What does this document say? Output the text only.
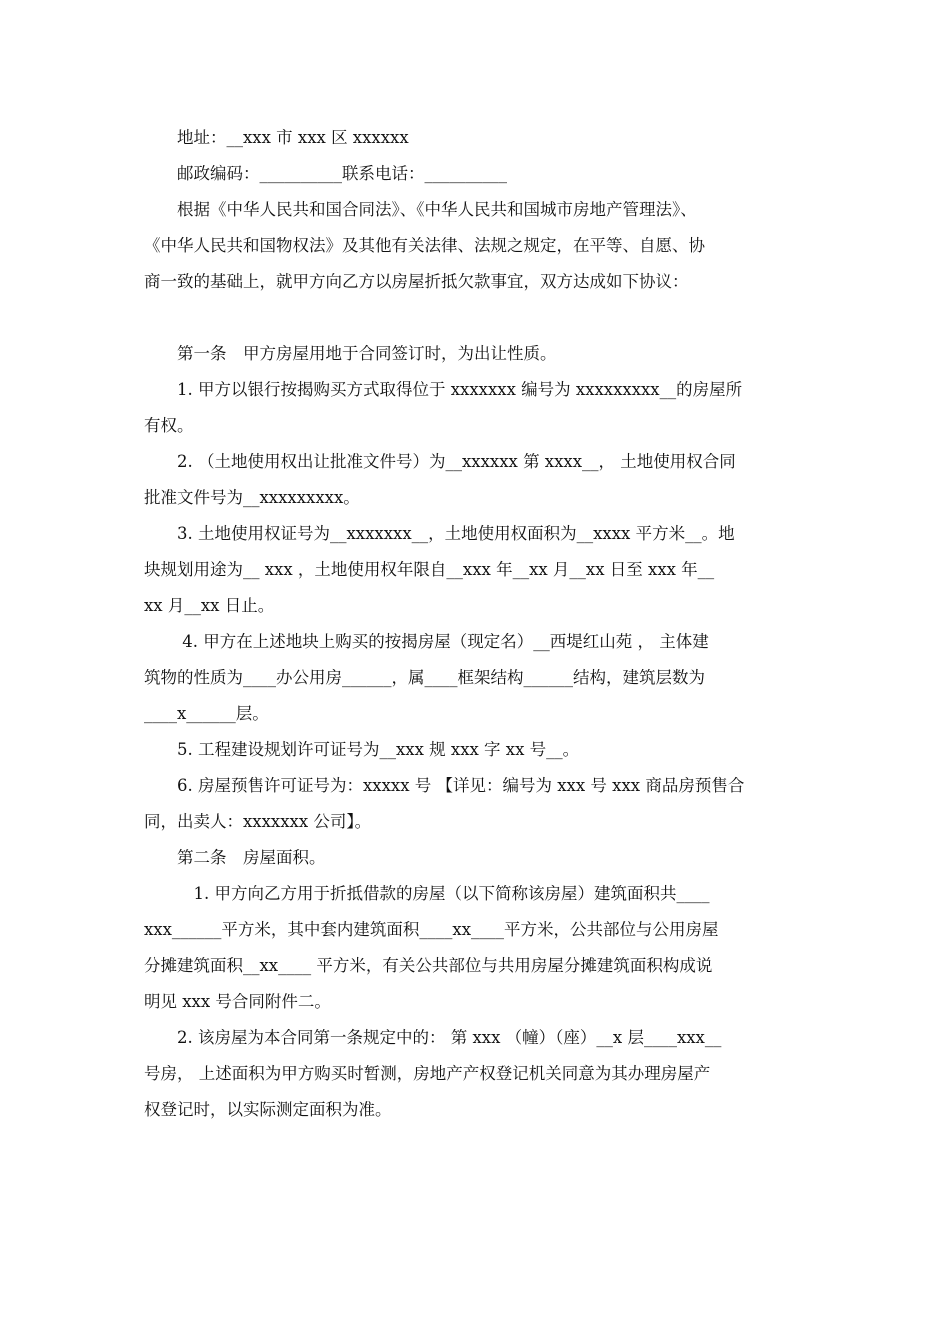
　　地址：__xxx 市 xxx 区 xxxxxx
　　邮政编码：__________联系电话：__________
　　根据《中华人民共和国合同法》、《中华人民共和国城市房地产管理法》、
《中华人民共和国物权法》及其他有关法律、法规之规定，在平等、自愿、协
商一致的基础上，就甲方向乙方以房屋折抵欠款事宜，双方达成如下协议：
　　第一条　甲方房屋用地于合同签订时，为出让性质。
　　1. 甲方以银行按揭购买方式取得位于 xxxxxxx 编号为 xxxxxxxxx__的房屋所
有权。
　　2. （土地使用权出让批准文件号）为__xxxxxx 第 xxxx__， 土地使用权合同
批准文件号为__xxxxxxxxx。
　　3. 土地使用权证号为__xxxxxxx__，土地使用权面积为__xxxx 平方米__。地
块规划用途为__ xxx ，土地使用权年限自__xxx 年__xx 月__xx 日至 xxx 年__
xx 月__xx 日止。
　　 4. 甲方在上述地块上购买的按揭房屋（现定名）__西堤红山苑 ， 主体建
筑物的性质为____办公用房______，属____框架结构______结构，建筑层数为
____x______层。
　　5. 工程建设规划许可证号为__xxx 规 xxx 字 xx 号__。
　　6. 房屋预售许可证号为：xxxxx 号 【详见：编号为 xxx 号 xxx 商品房预售合
同，出卖人：xxxxxxx 公司】。
　　第二条　房屋面积。
　　　1. 甲方向乙方用于折抵借款的房屋（以下简称该房屋）建筑面积共____
xxx______平方米，其中套内建筑面积____xx____平方米，公共部位与公用房屋
分摊建筑面积__xx____ 平方米，有关公共部位与共用房屋分摊建筑面积构成说
明见 xxx 号合同附件二。
　　2. 该房屋为本合同第一条规定中的： 第 xxx （幢）（座）__x 层____xxx__
号房， 上述面积为甲方购买时暂测，房地产产权登记机关同意为其办理房屋产
权登记时，以实际测定面积为准。
